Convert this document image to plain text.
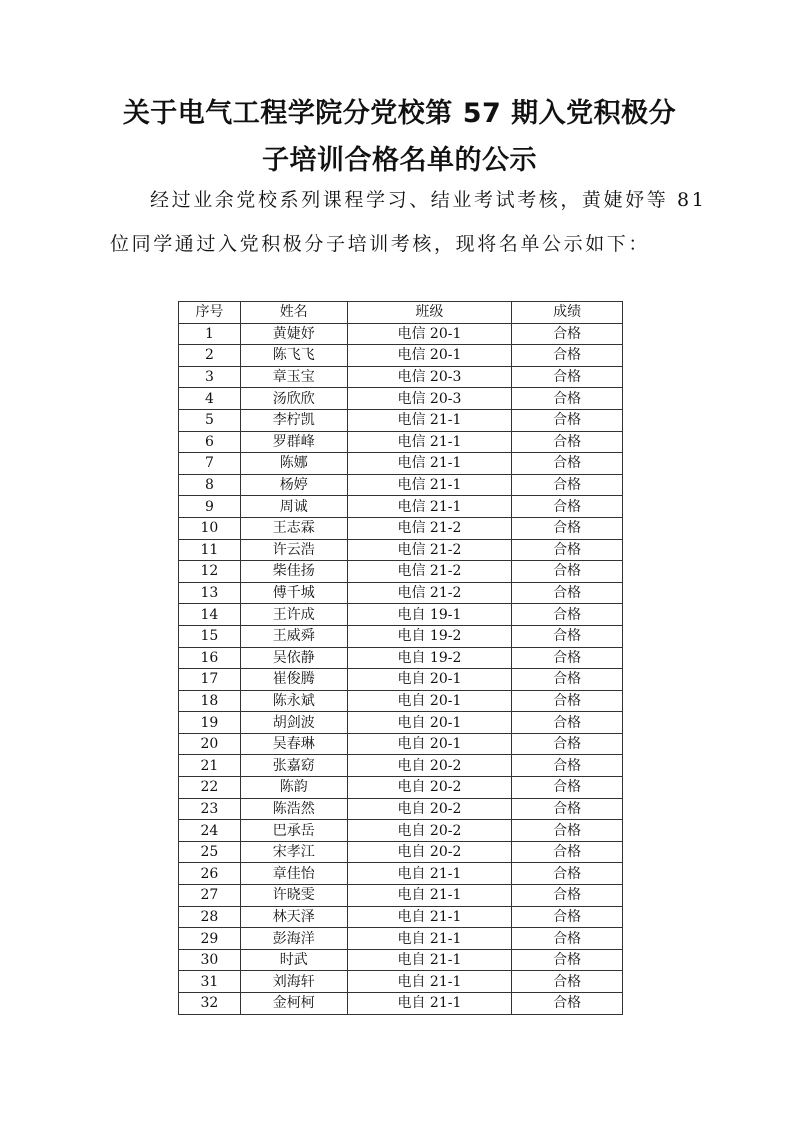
关于电气工程学院分党校第 57 期入党积极分
子培训合格名单的公示

经过业余党校系列课程学习、结业考试考核，黄婕妤等 81

位同学通过入党积极分子培训考核，现将名单公示如下：

序号	姓名	班级	成绩
1	黄婕妤	电信 20-1	合格
2	陈飞飞	电信 20-1	合格
3	章玉宝	电信 20-3	合格
4	汤欣欣	电信 20-3	合格
5	李柠凯	电信 21-1	合格
6	罗群峰	电信 21-1	合格
7	陈娜	电信 21-1	合格
8	杨婷	电信 21-1	合格
9	周诚	电信 21-1	合格
10	王志霖	电信 21-2	合格
11	许云浩	电信 21-2	合格
12	柴佳扬	电信 21-2	合格
13	傅千城	电信 21-2	合格
14	王许成	电自 19-1	合格
15	王威舜	电自 19-2	合格
16	吴依静	电自 19-2	合格
17	崔俊腾	电自 20-1	合格
18	陈永斌	电自 20-1	合格
19	胡剑波	电自 20-1	合格
20	吴春琳	电自 20-1	合格
21	张嘉窈	电自 20-2	合格
22	陈韵	电自 20-2	合格
23	陈浩然	电自 20-2	合格
24	巴承岳	电自 20-2	合格
25	宋孝江	电自 20-2	合格
26	章佳怡	电自 21-1	合格
27	许晓雯	电自 21-1	合格
28	林天泽	电自 21-1	合格
29	彭海洋	电自 21-1	合格
30	时武	电自 21-1	合格
31	刘海轩	电自 21-1	合格
32	金柯柯	电自 21-1	合格
